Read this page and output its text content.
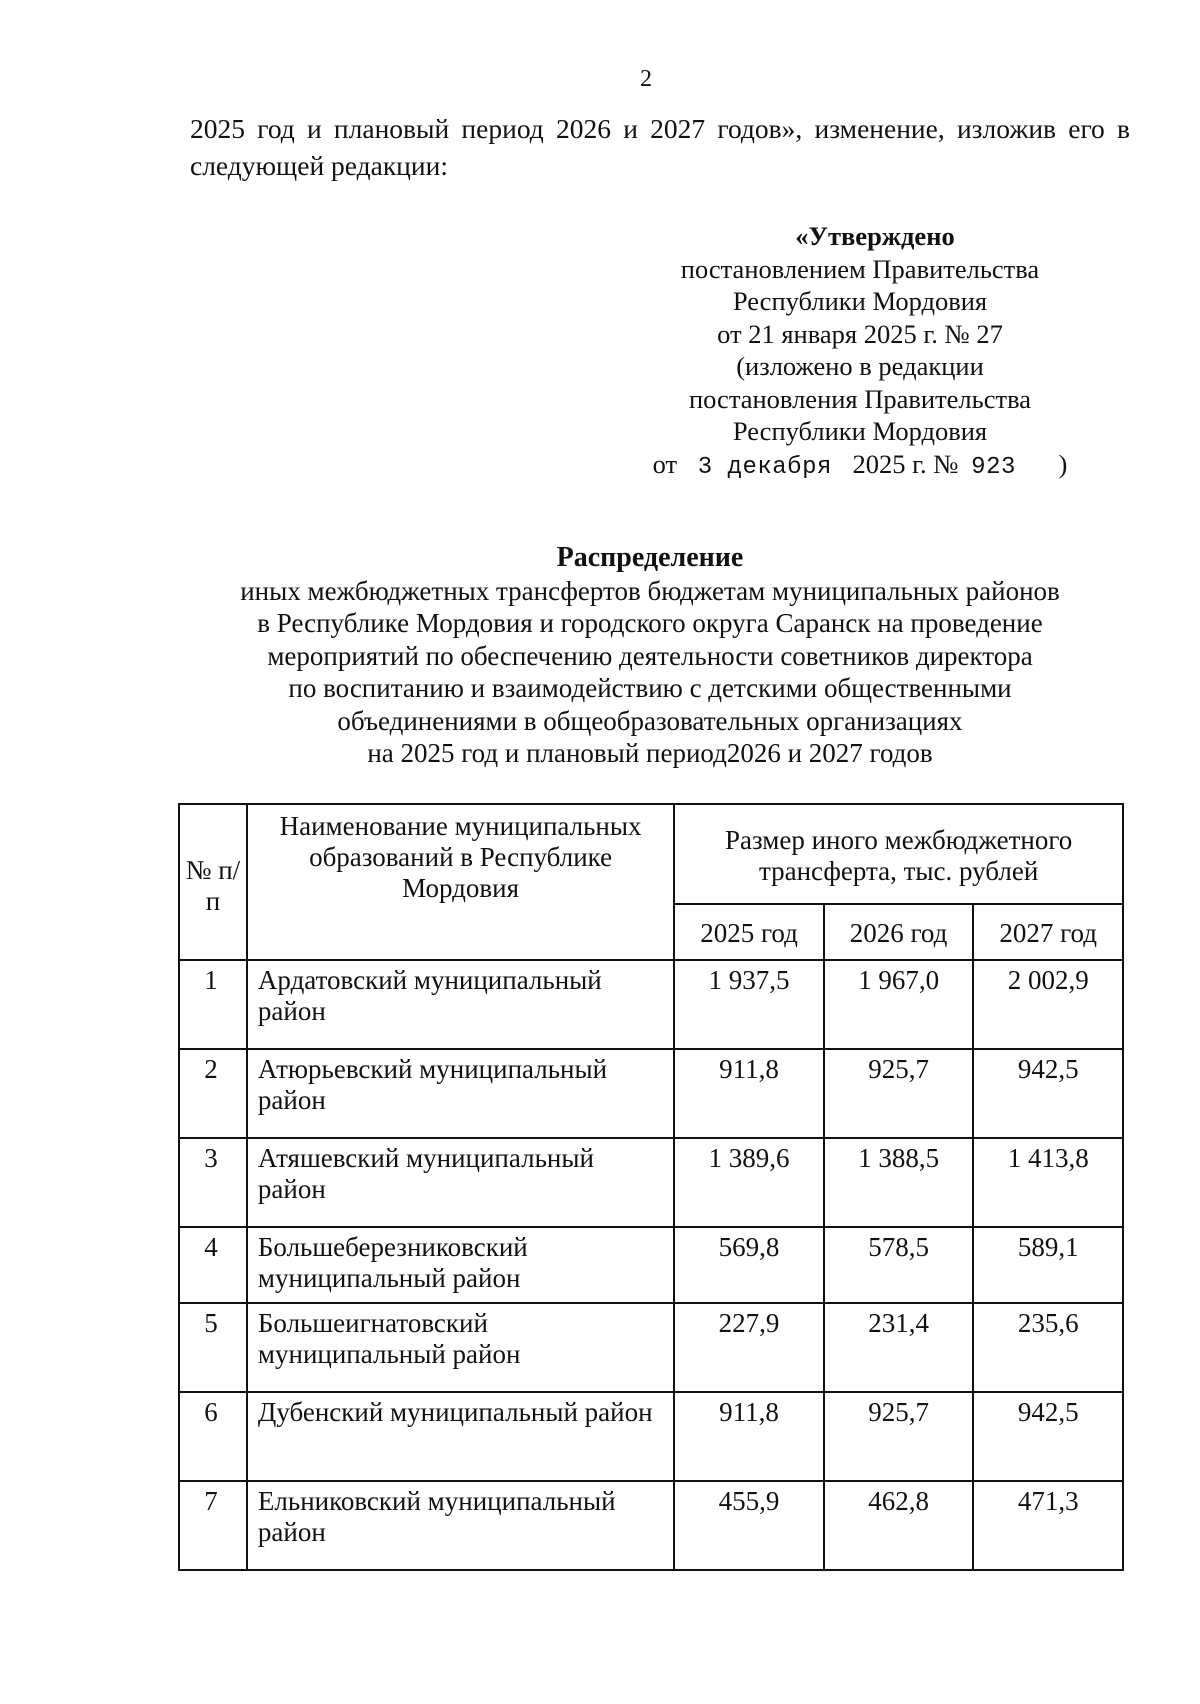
2
2025 год и плановый период 2026 и 2027 годов», изменение, изложив его в
следующей редакции:
«Утверждено
постановлением Правительства
Республики Мордовия
от 21 января 2025 г. № 27
(изложено в редакции
постановления Правительства
Республики Мордовия
от 3 декабря 2025 г. № 923 )
Распределение
иных межбюджетных трансфертов бюджетам муниципальных районов
в Республике Мордовия и городского округа Саранск на проведение
мероприятий по обеспечению деятельности советников директора
по воспитанию и взаимодействию с детскими общественными
объединениями в общеобразовательных организациях
на 2025 год и плановый период2026 и 2027 годов
№ п/п	Наименование муниципальных образований в Республике Мордовия	Размер иного межбюджетного трансферта, тыс. рублей		
		2025 год	2026 год	2027 год
1	Ардатовский муниципальный район	1 937,5	1 967,0	2 002,9
2	Атюрьевский муниципальный район	911,8	925,7	942,5
3	Атяшевский муниципальный район	1 389,6	1 388,5	1 413,8
4	Большеберезниковский муниципальный район	569,8	578,5	589,1
5	Большеигнатовский муниципальный район	227,9	231,4	235,6
6	Дубенский муниципальный район	911,8	925,7	942,5
7	Ельниковский муниципальный район	455,9	462,8	471,3
